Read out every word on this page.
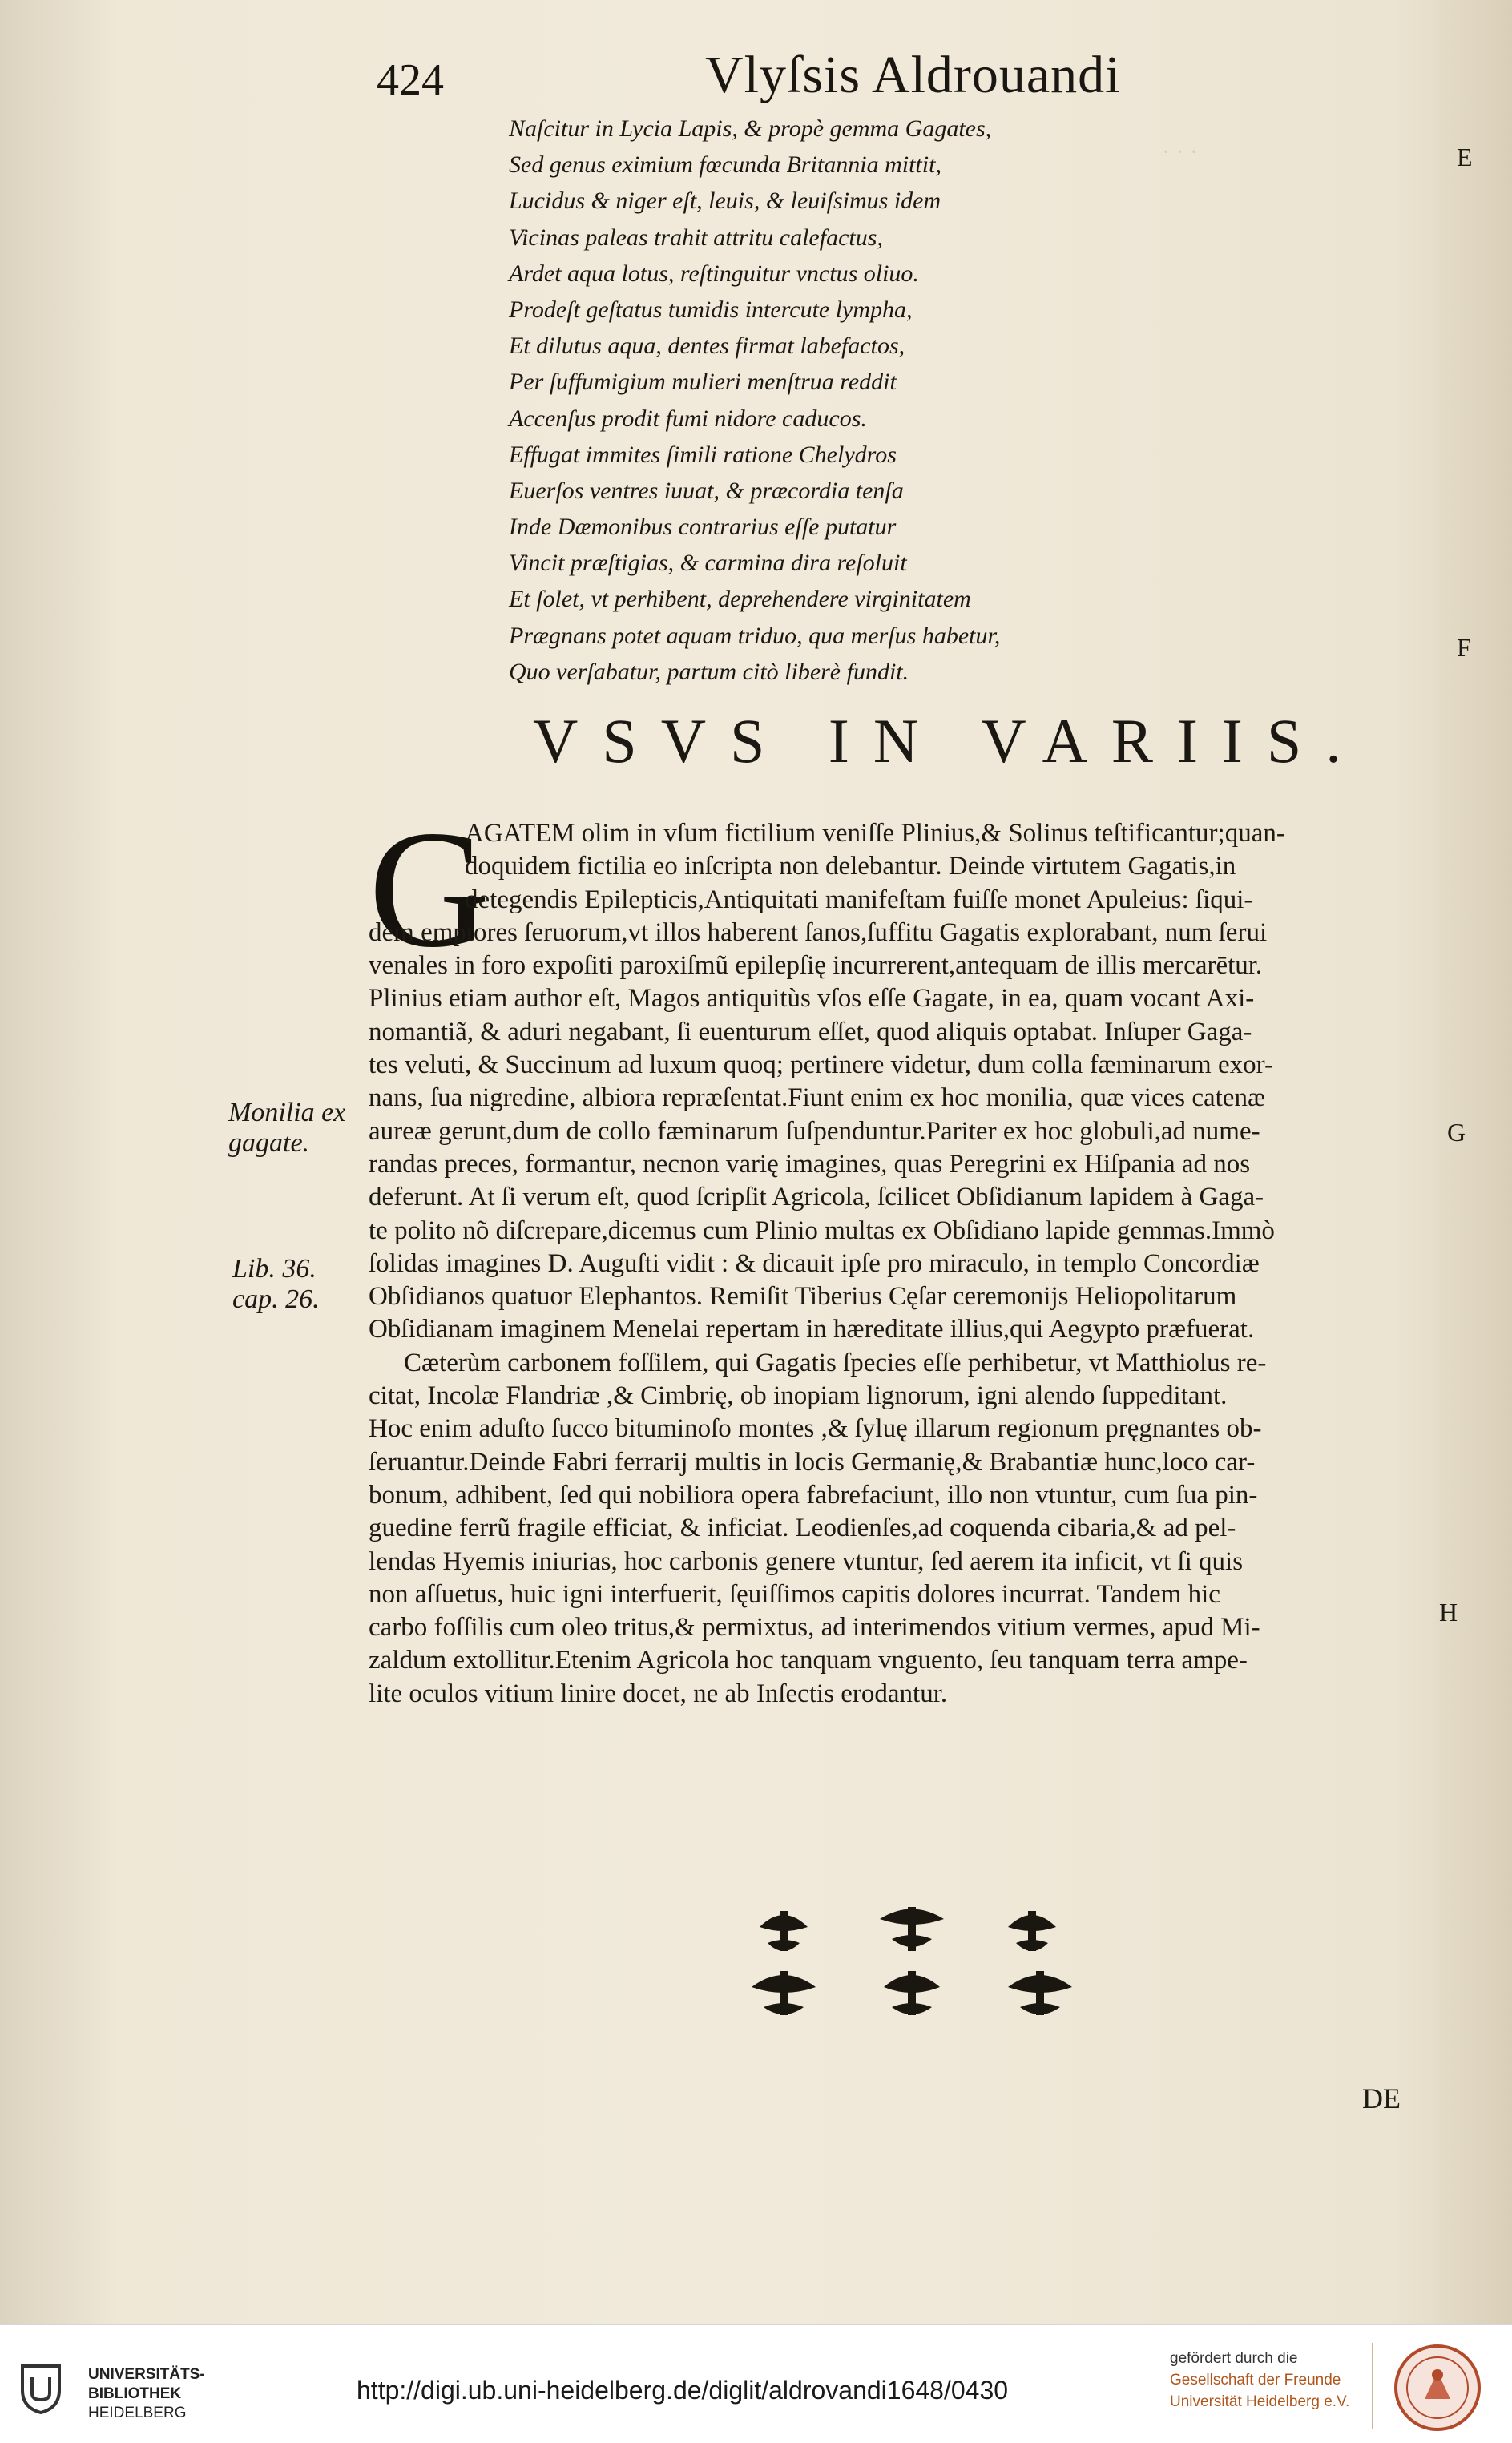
· · ·
424	Vlyſsis Aldrouandi
Naſcitur in Lycia Lapis, & propè gemma Gagates,
Sed genus eximium fœcunda Britannia mittit,
Lucidus & niger eſt, leuis, & leuiſsimus idem
Vicinas paleas trahit attritu calefactus,
Ardet aqua lotus, reſtinguitur vnctus oliuo.
Prodeſt geſtatus tumidis intercute lympha,
Et dilutus aqua, dentes firmat labefactos,
Per ſuffumigium mulieri menſtrua reddit
Accenſus prodit fumi nidore caducos.
Effugat immites ſimili ratione Chelydros
Euerſos ventres iuuat, & præcordia tenſa
Inde Dæmonibus contrarius eſſe putatur
Vincit præſtigias, & carmina dira reſoluit
Et ſolet, vt perhibent, deprehendere virginitatem
Prægnans potet aquam triduo, qua merſus habetur,
Quo verſabatur, partum citò liberè fundit.
VSVS IN VARIIS.
G
AGATEM olim in vſum fictilium veniſſe Plinius,& Solinus teſtificantur;quan-
doquidem fictilia eo inſcripta non delebantur. Deinde virtutem Gagatis,in
detegendis Epilepticis,Antiquitati manifeſtam fuiſſe monet Apuleius: ſiqui-
dem emptores ſeruorum,vt illos haberent ſanos,ſuffitu Gagatis explorabant, num ſerui
venales in foro expoſiti paroxiſmũ epilepſię incurrerent,antequam de illis mercarētur.
Plinius etiam author eſt, Magos antiquitùs vſos eſſe Gagate, in ea, quam vocant Axi-
nomantiã, & aduri negabant, ſi euenturum eſſet, quod aliquis optabat. Inſuper Gaga-
tes veluti, & Succinum ad luxum quoq; pertinere videtur, dum colla fæminarum exor-
nans, ſua nigredine, albiora repræſentat.Fiunt enim ex hoc monilia, quæ vices catenæ
aureæ gerunt,dum de collo fæminarum ſuſpenduntur.Pariter ex hoc globuli,ad nume-
randas preces, formantur, necnon varię imagines, quas Peregrini ex Hiſpania ad nos
deferunt. At ſi verum eſt, quod ſcripſit Agricola, ſcilicet Obſidianum lapidem à Gaga-
te polito nõ diſcrepare,dicemus cum Plinio multas ex Obſidiano lapide gemmas.Immò
ſolidas imagines D. Auguſti vidit : & dicauit ipſe pro miraculo, in templo Concordiæ
Obſidianos quatuor Elephantos. Remiſit Tiberius Cęſar ceremonijs Heliopolitarum
Obſidianam imaginem Menelai repertam in hæreditate illius,qui Aegypto præfuerat.
Cæterùm carbonem foſſilem, qui Gagatis ſpecies eſſe perhibetur, vt Matthiolus re-
citat, Incolæ Flandriæ ,& Cimbrię, ob inopiam lignorum, igni alendo ſuppeditant.
Hoc enim aduſto ſucco bituminoſo montes ,& ſyluę illarum regionum pręgnantes ob-
ſeruantur.Deinde Fabri ferrarij multis in locis Germanię,& Brabantiæ hunc,loco car-
bonum, adhibent, ſed qui nobiliora opera fabrefaciunt, illo non vtuntur, cum ſua pin-
guedine ferrũ fragile efficiat, & inficiat. Leodienſes,ad coquenda cibaria,& ad pel-
lendas Hyemis iniurias, hoc carbonis genere vtuntur, ſed aerem ita inficit, vt ſi quis
non aſſuetus, huic igni interfuerit, ſęuiſſimos capitis dolores incurrat. Tandem hic
carbo foſſilis cum oleo tritus,& permixtus, ad interimendos vitium vermes, apud Mi-
zaldum extollitur.Etenim Agricola hoc tanquam vnguento, ſeu tanquam terra ampe-
lite oculos vitium linire docet, ne ab Inſectis erodantur.
Monilia ex
gagate.
Lib. 36.
cap. 26.
E
F
G
H
DE
UNIVERSITÄTS-
BIBLIOTHEK
HEIDELBERG
http://digi.ub.uni-heidelberg.de/diglit/aldrovandi1648/0430
gefördert durch die
Gesellschaft der Freunde
Universität Heidelberg e.V.
